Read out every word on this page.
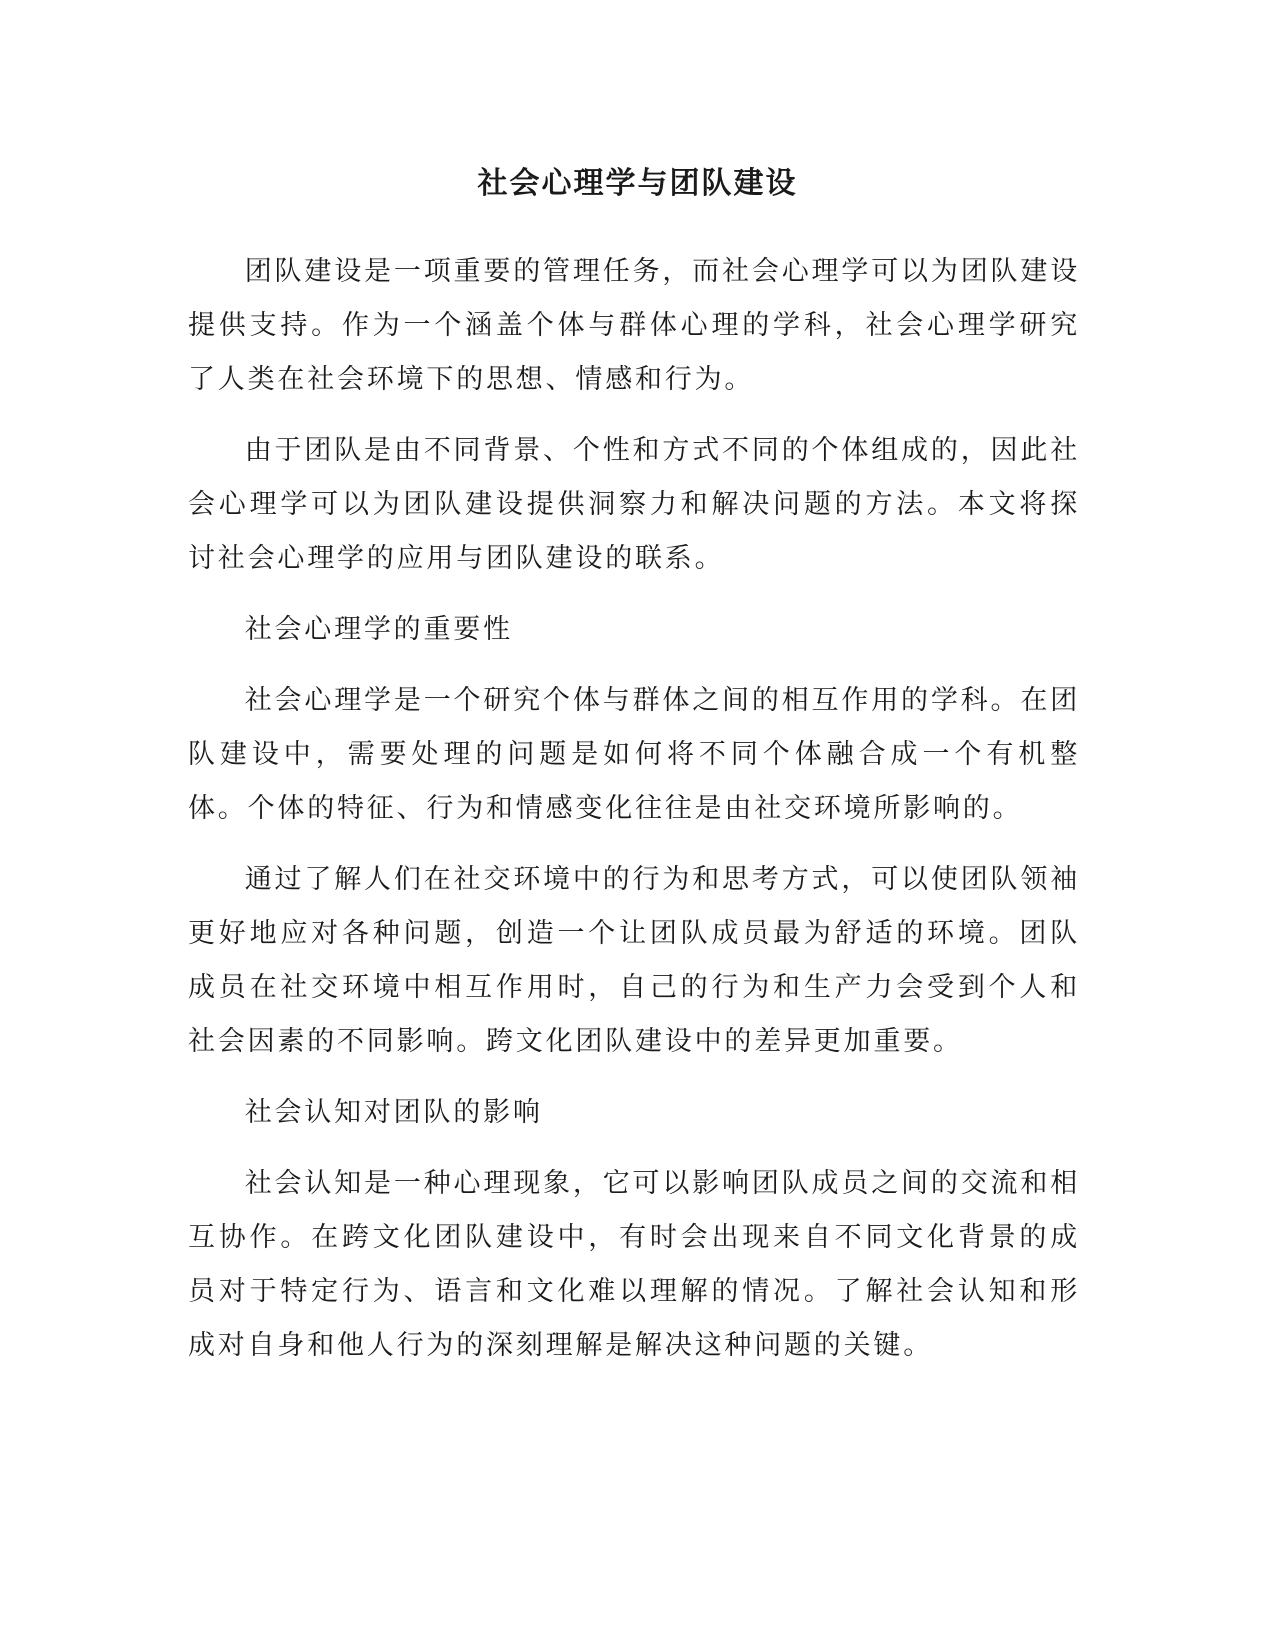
社会心理学与团队建设

团队建设是一项重要的管理任务，而社会心理学可以为团队建设提供支持。作为一个涵盖个体与群体心理的学科，社会心理学研究了人类在社会环境下的思想、情感和行为。

由于团队是由不同背景、个性和方式不同的个体组成的，因此社会心理学可以为团队建设提供洞察力和解决问题的方法。本文将探讨社会心理学的应用与团队建设的联系。

社会心理学的重要性

社会心理学是一个研究个体与群体之间的相互作用的学科。在团队建设中，需要处理的问题是如何将不同个体融合成一个有机整体。个体的特征、行为和情感变化往往是由社交环境所影响的。

通过了解人们在社交环境中的行为和思考方式，可以使团队领袖更好地应对各种问题，创造一个让团队成员最为舒适的环境。团队成员在社交环境中相互作用时，自己的行为和生产力会受到个人和社会因素的不同影响。跨文化团队建设中的差异更加重要。

社会认知对团队的影响

社会认知是一种心理现象，它可以影响团队成员之间的交流和相互协作。在跨文化团队建设中，有时会出现来自不同文化背景的成员对于特定行为、语言和文化难以理解的情况。了解社会认知和形成对自身和他人行为的深刻理解是解决这种问题的关键。
